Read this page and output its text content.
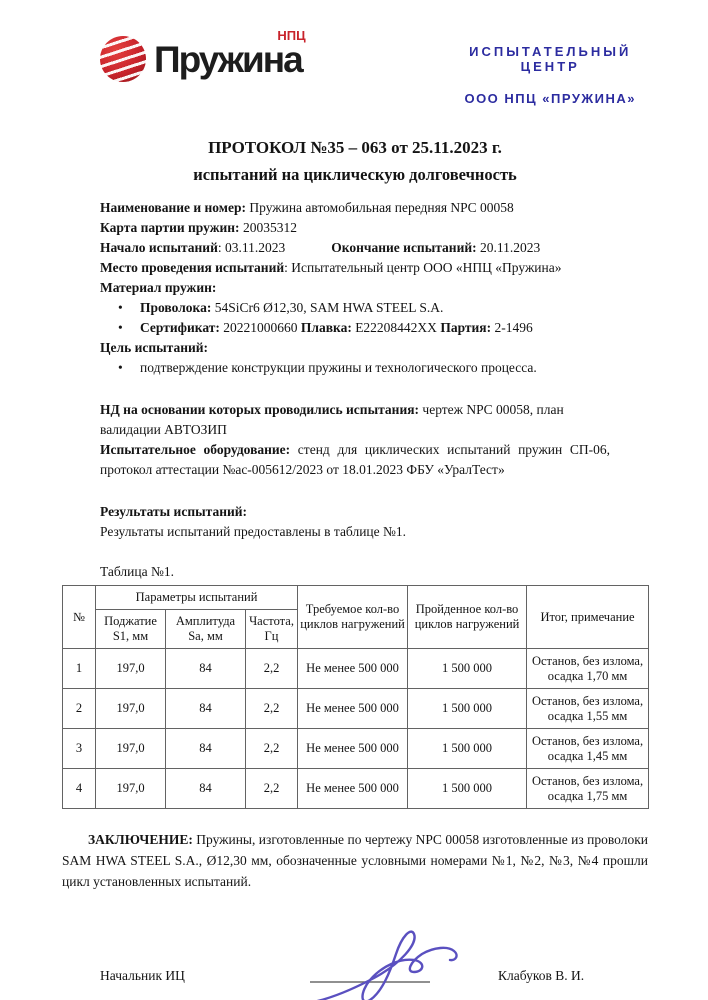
НПЦ
Пружина	ИСПЫТАТЕЛЬНЫЙ
ЦЕНТР
ООО НПЦ «ПРУЖИНА»
ПРОТОКОЛ №35 – 063 от 25.11.2023 г.
испытаний на циклическую долговечность

Наименование и номер: Пружина автомобильная передняя NPC 00058

Карта партии пружин: 20035312

Начало испытаний: 03.11.2023	Окончание испытаний: 20.11.2023

Место проведения испытаний: Испытательный центр ООО «НПЦ «Пружина»

Материал пружин:

•	Проволока: 54SiCr6 Ø12,30, SAM HWA STEEL S.A.
•	Сертификат: 20221000660 Плавка: E22208442XX Партия: 2-1496

Цель испытаний:

•	подтверждение конструкции пружины и технологического процесса.

НД на основании которых проводились испытания: чертеж NPC 00058, план валидации АВТОЗИП

Испытательное оборудование: стенд для циклических испытаний пружин СП-06, протокол аттестации №ас-005612/2023 от 18.01.2023 ФБУ «УралТест»

Результаты испытаний:

Результаты испытаний предоставлены в таблице №1.

Таблица №1.
№	Параметры испытаний			Требуемое кол-во циклов нагружений	Пройденное кол-во циклов нагружений	Итог, примечание
	Поджатие S1, мм	Амплитуда Sa, мм	Частота, Гц			
1	197,0	84	2,2	Не менее 500 000	1 500 000	Останов, без излома, осадка 1,70 мм
2	197,0	84	2,2	Не менее 500 000	1 500 000	Останов, без излома, осадка 1,55 мм
3	197,0	84	2,2	Не менее 500 000	1 500 000	Останов, без излома, осадка 1,45 мм
4	197,0	84	2,2	Не менее 500 000	1 500 000	Останов, без излома, осадка 1,75 мм

ЗАКЛЮЧЕНИЕ: Пружины, изготовленные по чертежу NPC 00058 изготовленные из проволоки SAM HWA STEEL S.A., Ø12,30 мм, обозначенные условными номерами №1, №2, №3, №4 прошли цикл установленных испытаний.

Начальник ИЦ	Клабуков В. И.
